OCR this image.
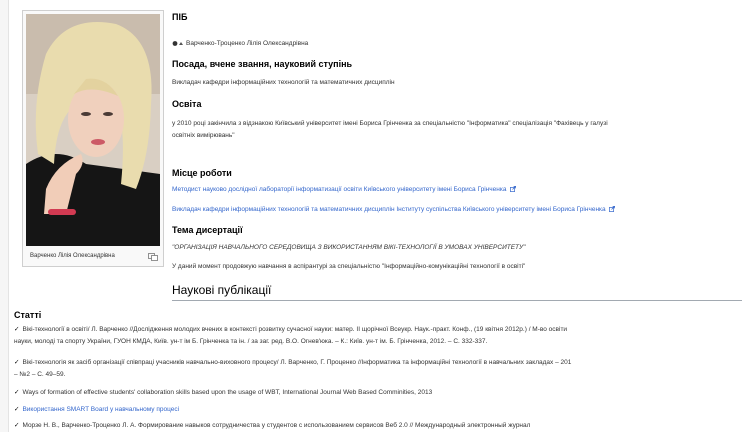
Варченко Лілія Олександрівна
ПІБ
Варченко-Троценко Лілія Олександрівна
Посада, вчене звання, науковий ступінь
Викладач кафедри інформаційних технологій та математичних дисциплін
Освіта
у 2010 році закінчила з відзнакою Київський університет імені Бориса Грінченка за спеціальністю "Інформатика" спеціалізація "Фахівець у галузі
освітніх вимірювань"
Місце роботи
Методист науково дослідної лабораторії інформатизації освіти Київського університету імені Бориса Грінченка
Викладач кафедри інформаційних технологій та математичних дисциплін Інституту суспільства Київського університету імені Бориса Грінченка
Тема дисертації
"ОРГАНІЗАЦІЯ НАВЧАЛЬНОГО СЕРЕДОВИЩА З ВИКОРИСТАННЯМ ВІКІ-ТЕХНОЛОГІЇ В УМОВАХ УНІВЕРСИТЕТУ"
У даний момент продовжую навчання в аспірантурі за спеціальністю "Інформаційно-комунікаційні технології в освіті"
Наукові публікації
Статті
✓ Вікі-технології в освіті/ Л. Варченко //Дослідження молодих вчених в контексті розвитку сучасної науки: матер. II щорічної Всеукр. Наук.-практ. Конф., (19 квітня 2012р.) / М-во освіти
науки, молоді та спорту України, ГУОН КМДА, Київ. ун-т ім Б. Грінченка та ін. / за заг. ред. В.О. Огнев'юка. – К.: Київ. ун-т ім. Б. Грінченка, 2012. – С. 332-337.
✓ Вікі-технологія як засіб організації співпраці учасників навчально-виховного процесу/ Л. Варченко, Г. Проценко //Інформатика та інформаційні технології в навчальних закладах – 201
– №2 – С. 49–59.
✓ Ways of formation of effective students' collaboration skills based upon the usage of WBT, International Journal Web Based Comminities, 2013
✓ Використання SMART Board у навчальному процесі
✓ Морзе Н. В., Варченко-Троценко Л. А. Формирование навыков сотрудничества у студентов с использованием сервисов Веб 2.0 // Международный электронный журнал
